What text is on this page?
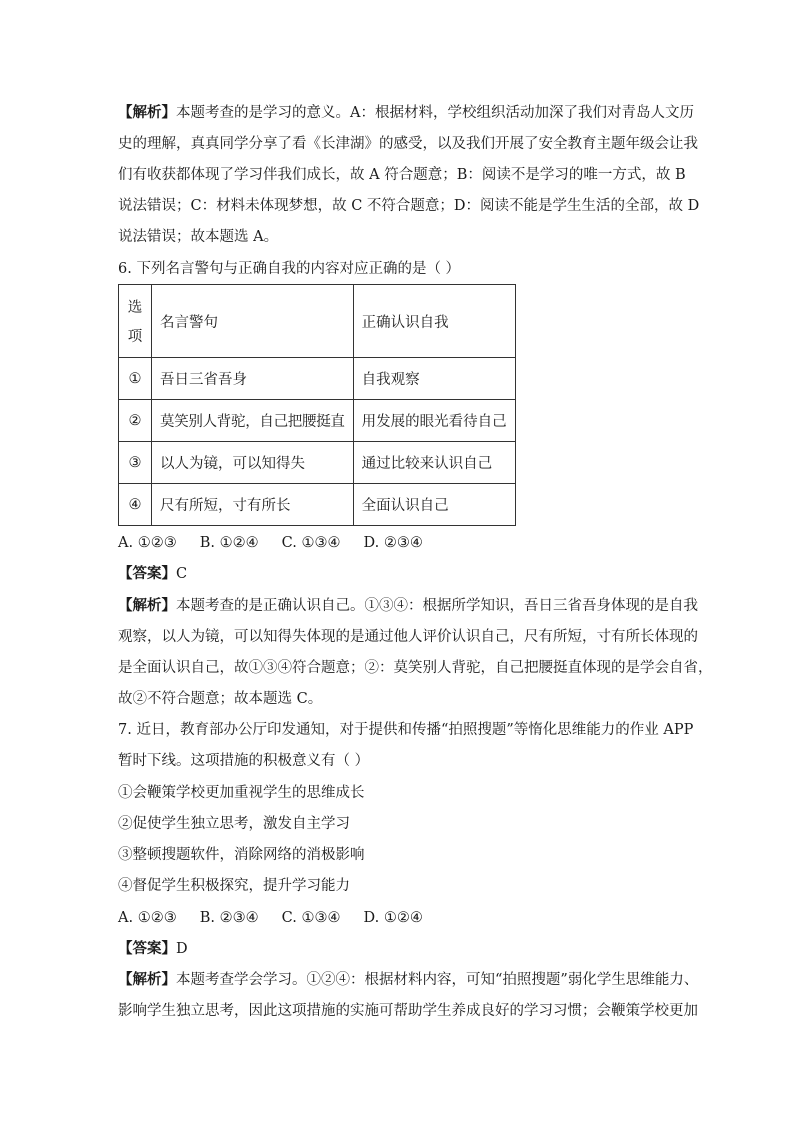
【解析】本题考查的是学习的意义。A：根据材料，学校组织活动加深了我们对青岛人文历
史的理解，真真同学分享了看《长津湖》的感受，以及我们开展了安全教育主题年级会让我
们有收获都体现了学习伴我们成长，故 A 符合题意；B：阅读不是学习的唯一方式，故 B
说法错误；C：材料未体现梦想，故 C 不符合题意；D：阅读不能是学生生活的全部，故 D
说法错误；故本题选 A。
6. 下列名言警句与正确自我的内容对应正确的是（ ）
选
项	名言警句	正确认识自我
①	吾日三省吾身	自我观察
②	莫笑别人背驼，自己把腰挺直	用发展的眼光看待自己
③	以人为镜，可以知得失	通过比较来认识自己
④	尺有所短，寸有所长	全面认识自己
A. ①②③     B. ①②④     C. ①③④     D. ②③④
【答案】C
【解析】本题考查的是正确认识自己。①③④：根据所学知识，吾日三省吾身体现的是自我
观察，以人为镜，可以知得失体现的是通过他人评价认识自己，尺有所短，寸有所长体现的
是全面认识自己，故①③④符合题意；②：莫笑别人背驼，自己把腰挺直体现的是学会自省，
故②不符合题意；故本题选 C。
7. 近日，教育部办公厅印发通知，对于提供和传播“拍照搜题”等惰化思维能力的作业 APP
暂时下线。这项措施的积极意义有（ ）
①会鞭策学校更加重视学生的思维成长
②促使学生独立思考，激发自主学习
③整顿搜题软件，消除网络的消极影响
④督促学生积极探究，提升学习能力
A. ①②③     B. ②③④     C. ①③④     D. ①②④
【答案】D
【解析】本题考查学会学习。①②④：根据材料内容，可知“拍照搜题”弱化学生思维能力、
影响学生独立思考，因此这项措施的实施可帮助学生养成良好的学习习惯；会鞭策学校更加
